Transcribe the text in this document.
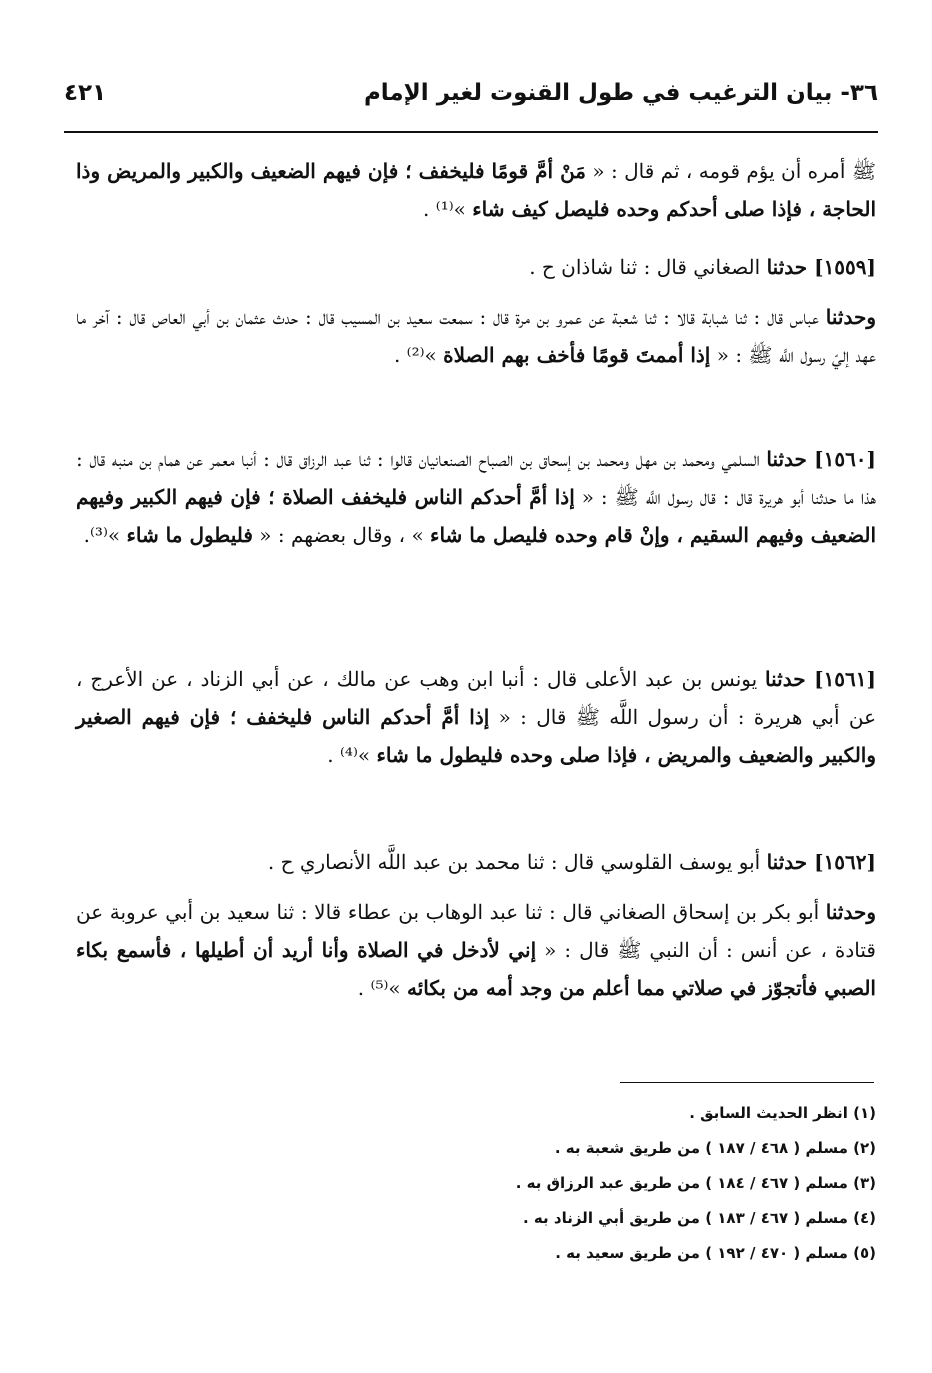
٣٦- بيان الترغيب في طول القنوت لغير الإمام
٤٢١
ﷺ أمره أن يؤم قومه ، ثم قال : « مَنْ أمَّ قومًا فليخفف ؛ فإن فيهم الضعيف والكبير والمريض وذا الحاجة ، فإذا صلى أحدكم وحده فليصل كيف شاء »⁽¹⁾ .
[١٥٥٩] حدثنا الصغاني قال : ثنا شاذان ح .
وحدثنا عباس قال : ثنا شبابة قالا : ثنا شعبة عن عمرو بن مرة قال : سمعت سعيد بن المسيب قال : حدث عثمان بن أبي العاص قال : آخر ما عهد إليّ رسول اللَّه ﷺ : « إذا أممتَ قومًا فأخف بهم الصلاة »⁽²⁾ .
[١٥٦٠] حدثنا السلمي ومحمد بن مهل ومحمد بن إسحاق بن الصباح الصنعانيان قالوا : ثنا عبد الرزاق قال : أنبا معمر عن همام بن منبه قال : هذا ما حدثنا أبو هريرة قال : قال رسول اللَّه ﷺ : « إذا أمَّ أحدكم الناس فليخفف الصلاة ؛ فإن فيهم الكبير وفيهم الضعيف وفيهم السقيم ، وإنْ قام وحده فليصل ما شاء » ، وقال بعضهم : « فليطول ما شاء »⁽³⁾.
[١٥٦١] حدثنا يونس بن عبد الأعلى قال : أنبا ابن وهب عن مالك ، عن أبي الزناد ، عن الأعرج ، عن أبي هريرة : أن رسول اللَّه ﷺ قال : « إذا أمَّ أحدكم الناس فليخفف ؛ فإن فيهم الصغير والكبير والضعيف والمريض ، فإذا صلى وحده فليطول ما شاء »⁽⁴⁾ .
[١٥٦٢] حدثنا أبو يوسف القلوسي قال : ثنا محمد بن عبد اللَّه الأنصاري ح .
وحدثنا أبو بكر بن إسحاق الصغاني قال : ثنا عبد الوهاب بن عطاء قالا : ثنا سعيد بن أبي عروبة عن قتادة ، عن أنس : أن النبي ﷺ قال : « إني لأدخل في الصلاة وأنا أريد أن أطيلها ، فأسمع بكاء الصبي فأتجوّز في صلاتي مما أعلم من وجد أمه من بكائه »⁽⁵⁾ .
(١) انظر الحديث السابق .
(٢) مسلم ( ٤٦٨ / ١٨٧ ) من طريق شعبة به .
(٣) مسلم ( ٤٦٧ / ١٨٤ ) من طريق عبد الرزاق به .
(٤) مسلم ( ٤٦٧ / ١٨٣ ) من طريق أبي الزناد به .
(٥) مسلم ( ٤٧٠ / ١٩٢ ) من طريق سعيد به .
